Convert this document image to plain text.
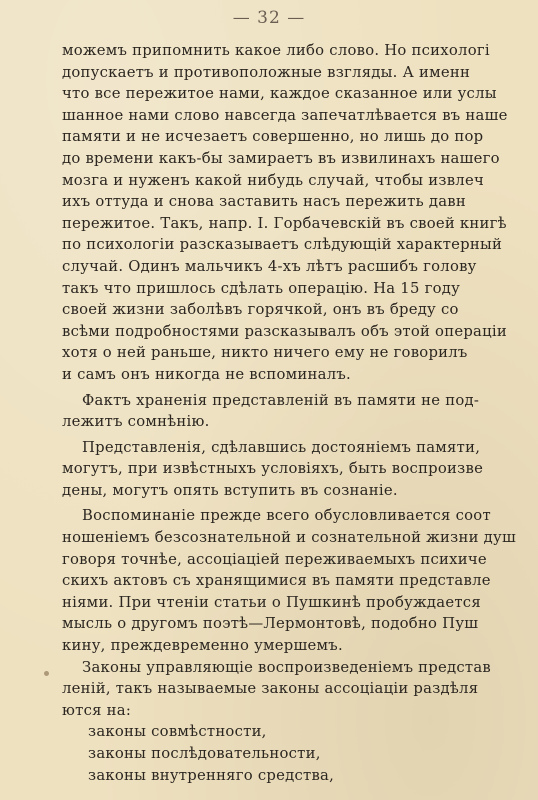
— 32 —
можемъ припомнить какое либо слово. Но психологі
допускаетъ и противоположные взгляды. А именн
что все пережитое нами, каждое сказанное или услы
шанное нами слово навсегда запечатлѣвается въ наше
памяти и не исчезаетъ совершенно, но лишь до пор
до времени какъ-бы замираетъ въ извилинахъ нашего
мозга и нуженъ какой нибудь случай, чтобы извлеч
ихъ оттуда и снова заставить насъ пережить давн
пережитое. Такъ, напр. I. Горбачевскій въ своей книгѣ
по психологіи разсказываетъ слѣдующій характерный
случай. Одинъ мальчикъ 4-хъ лѣтъ расшибъ голову
такъ что пришлось сдѣлать операцію. На 15 году
своей жизни заболѣвъ горячкой, онъ въ бреду со
всѣми подробностями разсказывалъ объ этой операціи
хотя о ней раньше, никто ничего ему не говорилъ
и самъ онъ никогда не вспоминалъ.
Фактъ храненія представленій въ памяти не под-
лежитъ сомнѣнію.
Представленія, сдѣлавшись достояніемъ памяти,
могутъ, при извѣстныхъ условіяхъ, быть воспроизве
дены, могутъ опять вступить въ сознаніе.
Воспоминаніе прежде всего обусловливается соот
ношеніемъ безсознательной и сознательной жизни душ
говоря точнѣе, ассоціаціей переживаемыхъ психиче
скихъ актовъ съ хранящимися въ памяти представле
ніями. При чтеніи статьи о Пушкинѣ пробуждается
мысль о другомъ поэтѣ—Лермонтовѣ, подобно Пуш
кину, преждевременно умершемъ.
Законы управляющіе воспроизведеніемъ представ
леній, такъ называемые законы ассоціаціи раздѣля
ются на:
законы совмѣстности,
законы послѣдовательности,
законы внутренняго средства,
